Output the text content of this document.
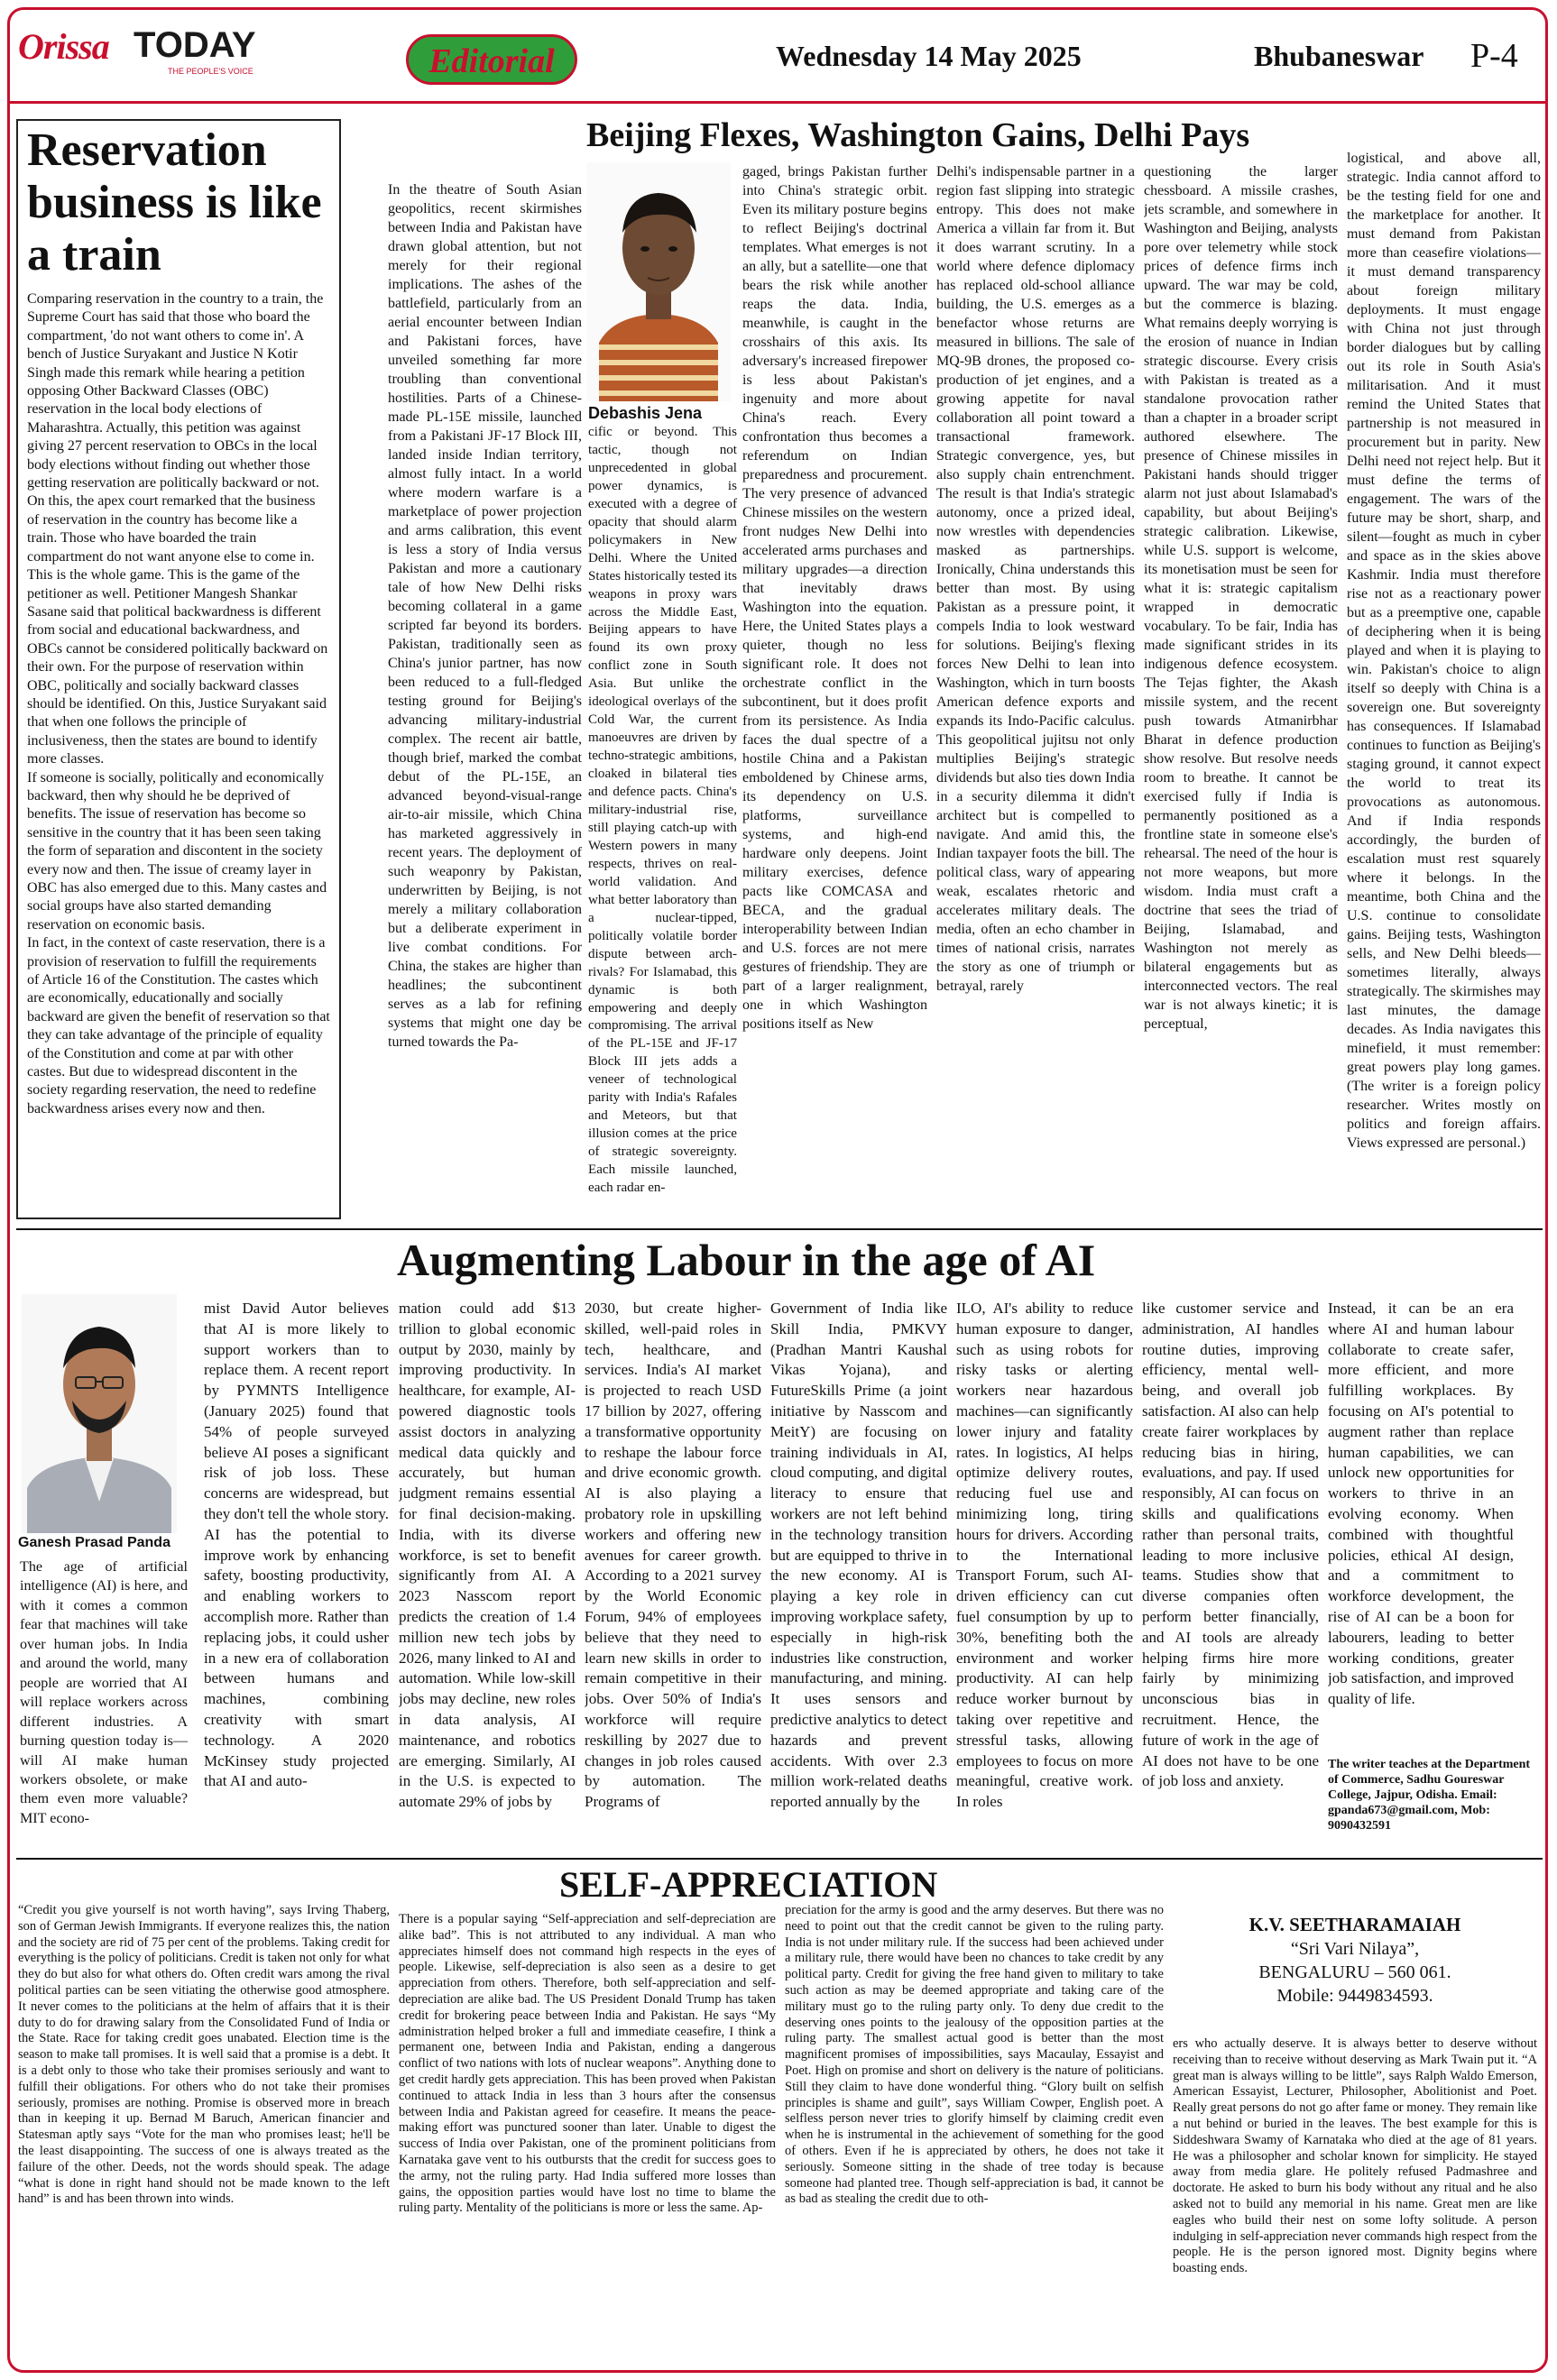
Orissa TODAY
THE PEOPLE'S VOICE	Editorial	Wednesday 14 May 2025	Bhubaneswar P-4
Reservation business is like a train

Comparing reservation in the country to a train, the Supreme Court has said that those who board the compartment, 'do not want others to come in'. A bench of Justice Suryakant and Justice N Kotir Singh made this remark while hearing a petition opposing Other Backward Classes (OBC) reservation in the local body elections of Maharashtra. Actually, this petition was against giving 27 percent reservation to OBCs in the local body elections without finding out whether those getting reservation are politically backward or not.

On this, the apex court remarked that the business of reservation in the country has become like a train. Those who have boarded the train compartment do not want anyone else to come in. This is the whole game. This is the game of the petitioner as well. Petitioner Mangesh Shankar Sasane said that political backwardness is different from social and educational backwardness, and OBCs cannot be considered politically backward on their own. For the purpose of reservation within OBC, politically and socially backward classes should be identified. On this, Justice Suryakant said that when one follows the principle of inclusiveness, then the states are bound to identify more classes.

If someone is socially, politically and economically backward, then why should he be deprived of benefits. The issue of reservation has become so sensitive in the country that it has been seen taking the form of separation and discontent in the society every now and then. The issue of creamy layer in OBC has also emerged due to this. Many castes and social groups have also started demanding reservation on economic basis.

In fact, in the context of caste reservation, there is a provision of reservation to fulfill the requirements of Article 16 of the Constitution. The castes which are economically, educationally and socially backward are given the benefit of reservation so that they can take advantage of the principle of equality of the Constitution and come at par with other castes. But due to widespread discontent in the society regarding reservation, the need to redefine backwardness arises every now and then.

Beijing Flexes, Washington Gains, Delhi Pays
Debashis Jena
In the theatre of South Asian geopolitics, recent skirmishes between India and Pakistan have drawn global attention, but not merely for their regional implications. The ashes of the battlefield, particularly from an aerial encounter between Indian and Pakistani forces, have unveiled something far more troubling than conventional hostilities. Parts of a Chinese-made PL-15E missile, launched from a Pakistani JF-17 Block III, landed inside Indian territory, almost fully intact. In a world where modern warfare is a marketplace of power projection and arms calibration, this event is less a story of India versus Pakistan and more a cautionary tale of how New Delhi risks becoming collateral in a game scripted far beyond its borders. Pakistan, traditionally seen as China's junior partner, has now been reduced to a full-fledged testing ground for Beijing's advancing military-industrial complex. The recent air battle, though brief, marked the combat debut of the PL-15E, an advanced beyond-visual-range air-to-air missile, which China has marketed aggressively in recent years. The deployment of such weaponry by Pakistan, underwritten by Beijing, is not merely a military collaboration but a deliberate experiment in live combat conditions. For China, the stakes are higher than headlines; the subcontinent serves as a lab for refining systems that might one day be turned towards the Pa-
cific or beyond. This tactic, though not unprecedented in global power dynamics, is executed with a degree of opacity that should alarm policymakers in New Delhi. Where the United States historically tested its weapons in proxy wars across the Middle East, Beijing appears to have found its own proxy conflict zone in South Asia. But unlike the ideological overlays of the Cold War, the current manoeuvres are driven by techno-strategic ambitions, cloaked in bilateral ties and defence pacts. China's military-industrial rise, still playing catch-up with Western powers in many respects, thrives on real-world validation. And what better laboratory than a nuclear-tipped, politically volatile border dispute between arch-rivals? For Islamabad, this dynamic is both empowering and deeply compromising. The arrival of the PL-15E and JF-17 Block III jets adds a veneer of technological parity with India's Rafales and Meteors, but that illusion comes at the price of strategic sovereignty. Each missile launched, each radar en-
gaged, brings Pakistan further into China's strategic orbit. Even its military posture begins to reflect Beijing's doctrinal templates. What emerges is not an ally, but a satellite—one that bears the risk while another reaps the data. India, meanwhile, is caught in the crosshairs of this axis. Its adversary's increased firepower is less about Pakistan's ingenuity and more about China's reach. Every confrontation thus becomes a referendum on Indian preparedness and procurement. The very presence of advanced Chinese missiles on the western front nudges New Delhi into accelerated arms purchases and military upgrades—a direction that inevitably draws Washington into the equation. Here, the United States plays a quieter, though no less significant role. It does not orchestrate conflict in the subcontinent, but it does profit from its persistence. As India faces the dual spectre of a hostile China and a Pakistan emboldened by Chinese arms, its dependency on U.S. platforms, surveillance systems, and high-end hardware only deepens. Joint military exercises, defence pacts like COMCASA and BECA, and the gradual interoperability between Indian and U.S. forces are not mere gestures of friendship. They are part of a larger realignment, one in which Washington positions itself as New
Delhi's indispensable partner in a region fast slipping into strategic entropy. This does not make America a villain far from it. But it does warrant scrutiny. In a world where defence diplomacy has replaced old-school alliance building, the U.S. emerges as a benefactor whose returns are measured in billions. The sale of MQ-9B drones, the proposed co-production of jet engines, and a growing appetite for naval collaboration all point toward a transactional framework. Strategic convergence, yes, but also supply chain entrenchment. The result is that India's strategic autonomy, once a prized ideal, now wrestles with dependencies masked as partnerships. Ironically, China understands this better than most. By using Pakistan as a pressure point, it compels India to look westward for solutions. Beijing's flexing forces New Delhi to lean into Washington, which in turn boosts American defence exports and expands its Indo-Pacific calculus. This geopolitical jujitsu not only multiplies Beijing's strategic dividends but also ties down India in a security dilemma it didn't architect but is compelled to navigate. And amid this, the Indian taxpayer foots the bill. The political class, wary of appearing weak, escalates rhetoric and accelerates military deals. The media, often an echo chamber in times of national crisis, narrates the story as one of triumph or betrayal, rarely
questioning the larger chessboard. A missile crashes, jets scramble, and somewhere in Washington and Beijing, analysts pore over telemetry while stock prices of defence firms inch upward. The war may be cold, but the commerce is blazing. What remains deeply worrying is the erosion of nuance in Indian strategic discourse. Every crisis with Pakistan is treated as a standalone provocation rather than a chapter in a broader script authored elsewhere. The presence of Chinese missiles in Pakistani hands should trigger alarm not just about Islamabad's capability, but about Beijing's strategic calibration. Likewise, while U.S. support is welcome, its monetisation must be seen for what it is: strategic capitalism wrapped in democratic vocabulary. To be fair, India has made significant strides in its indigenous defence ecosystem. The Tejas fighter, the Akash missile system, and the recent push towards Atmanirbhar Bharat in defence production show resolve. But resolve needs room to breathe. It cannot be exercised fully if India is permanently positioned as a frontline state in someone else's rehearsal. The need of the hour is not more weapons, but more wisdom. India must craft a doctrine that sees the triad of Beijing, Islamabad, and Washington not merely as bilateral engagements but as interconnected vectors. The real war is not always kinetic; it is perceptual,
logistical, and above all, strategic. India cannot afford to be the testing field for one and the marketplace for another. It must demand from Pakistan more than ceasefire violations—it must demand transparency about foreign military deployments. It must engage with China not just through border dialogues but by calling out its role in South Asia's militarisation. And it must remind the United States that partnership is not measured in procurement but in parity. New Delhi need not reject help. But it must define the terms of engagement. The wars of the future may be short, sharp, and silent—fought as much in cyber and space as in the skies above Kashmir. India must therefore rise not as a reactionary power but as a preemptive one, capable of deciphering when it is being played and when it is playing to win. Pakistan's choice to align itself so deeply with China is a sovereign one. But sovereignty has consequences. If Islamabad continues to function as Beijing's staging ground, it cannot expect the world to treat its provocations as autonomous. And if India responds accordingly, the burden of escalation must rest squarely where it belongs. In the meantime, both China and the U.S. continue to consolidate gains. Beijing tests, Washington sells, and New Delhi bleeds—sometimes literally, always strategically. The skirmishes may last minutes, the damage decades. As India navigates this minefield, it must remember: great powers play long games. (The writer is a foreign policy researcher. Writes mostly on politics and foreign affairs. Views expressed are personal.)
Augmenting Labour in the age of AI
Ganesh Prasad Panda
The age of artificial intelligence (AI) is here, and with it comes a common fear that machines will take over human jobs. In India and around the world, many people are worried that AI will replace workers across different industries. A burning question today is—will AI make human workers obsolete, or make them even more valuable? MIT econo-
mist David Autor believes that AI is more likely to support workers than to replace them. A recent report by PYMNTS Intelligence (January 2025) found that 54% of people surveyed believe AI poses a significant risk of job loss. These concerns are widespread, but they don't tell the whole story. AI has the potential to improve work by enhancing safety, boosting productivity, and enabling workers to accomplish more. Rather than replacing jobs, it could usher in a new era of collaboration between humans and machines, combining creativity with smart technology. A 2020 McKinsey study projected that AI and auto-
mation could add $13 trillion to global economic output by 2030, mainly by improving productivity. In healthcare, for example, AI-powered diagnostic tools assist doctors in analyzing medical data quickly and accurately, but human judgment remains essential for final decision-making. India, with its diverse workforce, is set to benefit significantly from AI. A 2023 Nasscom report predicts the creation of 1.4 million new tech jobs by 2026, many linked to AI and automation. While low-skill jobs may decline, new roles in data analysis, AI maintenance, and robotics are emerging. Similarly, AI in the U.S. is expected to automate 29% of jobs by
2030, but create higher-skilled, well-paid roles in tech, healthcare, and services. India's AI market is projected to reach USD 17 billion by 2027, offering a transformative opportunity to reshape the labour force and drive economic growth. AI is also playing a probatory role in upskilling workers and offering new avenues for career growth. According to a 2021 survey by the World Economic Forum, 94% of employees believe that they need to learn new skills in order to remain competitive in their jobs. Over 50% of India's workforce will require reskilling by 2027 due to changes in job roles caused by automation. The Programs of
Government of India like Skill India, PMKVY (Pradhan Mantri Kaushal Vikas Yojana), and FutureSkills Prime (a joint initiative by Nasscom and MeitY) are focusing on training individuals in AI, cloud computing, and digital literacy to ensure that workers are not left behind in the technology transition but are equipped to thrive in the new economy. AI is playing a key role in improving workplace safety, especially in high-risk industries like construction, manufacturing, and mining. It uses sensors and predictive analytics to detect hazards and prevent accidents. With over 2.3 million work-related deaths reported annually by the
ILO, AI's ability to reduce human exposure to danger, such as using robots for risky tasks or alerting workers near hazardous machines—can significantly lower injury and fatality rates. In logistics, AI helps optimize delivery routes, reducing fuel use and minimizing long, tiring hours for drivers. According to the International Transport Forum, such AI-driven efficiency can cut fuel consumption by up to 30%, benefiting both the environment and worker productivity. AI can help reduce worker burnout by taking over repetitive and stressful tasks, allowing employees to focus on more meaningful, creative work. In roles
like customer service and administration, AI handles routine duties, improving efficiency, mental well-being, and overall job satisfaction. AI also can help create fairer workplaces by reducing bias in hiring, evaluations, and pay. If used responsibly, AI can focus on skills and qualifications rather than personal traits, leading to more inclusive teams. Studies show that diverse companies often perform better financially, and AI tools are already helping firms hire more fairly by minimizing unconscious bias in recruitment. Hence, the future of work in the age of AI does not have to be one of job loss and anxiety.
Instead, it can be an era where AI and human labour collaborate to create safer, more efficient, and more fulfilling workplaces. By focusing on AI's potential to augment rather than replace human capabilities, we can unlock new opportunities for workers to thrive in an evolving economy. When combined with thoughtful policies, ethical AI design, and a commitment to workforce development, the rise of AI can be a boon for labourers, leading to better working conditions, greater job satisfaction, and improved quality of life.
The writer teaches at the Department of Commerce, Sadhu Goureswar College, Jajpur, Odisha. Email: gpanda673@gmail.com, Mob: 9090432591
SELF-APPRECIATION
“Credit you give yourself is not worth having”, says Irving Thaberg, son of German Jewish Immigrants. If everyone realizes this, the nation and the society are rid of 75 per cent of the problems. Taking credit for everything is the policy of politicians. Credit is taken not only for what they do but also for what others do. Often credit wars among the rival political parties can be seen vitiating the otherwise good atmosphere. It never comes to the politicians at the helm of affairs that it is their duty to do for drawing salary from the Consolidated Fund of India or the State. Race for taking credit goes unabated. Election time is the season to make tall promises. It is well said that a promise is a debt. It is a debt only to those who take their promises seriously and want to fulfill their obligations. For others who do not take their promises seriously, promises are nothing. Promise is observed more in breach than in keeping it up. Bernad M Baruch, American financier and Statesman aptly says “Vote for the man who promises least; he'll be the least disappointing. The success of one is always treated as the failure of the other. Deeds, not the words should speak. The adage “what is done in right hand should not be made known to the left hand” is and has been thrown into winds.
There is a popular saying “Self-appreciation and self-depreciation are alike bad”. This is not attributed to any individual. A man who appreciates himself does not command high respects in the eyes of people. Likewise, self-depreciation is also seen as a desire to get appreciation from others. Therefore, both self-appreciation and self-depreciation are alike bad. The US President Donald Trump has taken credit for brokering peace between India and Pakistan. He says “My administration helped broker a full and immediate ceasefire, I think a permanent one, between India and Pakistan, ending a dangerous conflict of two nations with lots of nuclear weapons”. Anything done to get credit hardly gets appreciation. This has been proved when Pakistan continued to attack India in less than 3 hours after the consensus between India and Pakistan agreed for ceasefire. It means the peace-making effort was punctured sooner than later. Unable to digest the success of India over Pakistan, one of the prominent politicians from Karnataka gave vent to his outbursts that the credit for success goes to the army, not the ruling party. Had India suffered more losses than gains, the opposition parties would have lost no time to blame the ruling party. Mentality of the politicians is more or less the same. Ap-
preciation for the army is good and the army deserves. But there was no need to point out that the credit cannot be given to the ruling party. India is not under military rule. If the success had been achieved under a military rule, there would have been no chances to take credit by any political party. Credit for giving the free hand given to military to take such action as may be deemed appropriate and taking care of the military must go to the ruling party only. To deny due credit to the deserving ones points to the jealousy of the opposition parties at the ruling party. The smallest actual good is better than the most magnificent promises of impossibilities, says Macaulay, Essayist and Poet. High on promise and short on delivery is the nature of politicians. Still they claim to have done wonderful thing. “Glory built on selfish principles is shame and guilt”, says William Cowper, English poet. A selfless person never tries to glorify himself by claiming credit even when he is instrumental in the achievement of something for the good of others. Even if he is appreciated by others, he does not take it seriously. Someone sitting in the shade of tree today is because someone had planted tree. Though self-appreciation is bad, it cannot be as bad as stealing the credit due to oth-
K.V. SEETHARAMAIAH
“Sri Vari Nilaya”,
BENGALURU – 560 061.
Mobile: 9449834593.
ers who actually deserve. It is always better to deserve without receiving than to receive without deserving as Mark Twain put it. “A great man is always willing to be little”, says Ralph Waldo Emerson, American Essayist, Lecturer, Philosopher, Abolitionist and Poet. Really great persons do not go after fame or money. They remain like a nut behind or buried in the leaves. The best example for this is Siddeshwara Swamy of Karnataka who died at the age of 81 years. He was a philosopher and scholar known for simplicity. He stayed away from media glare. He politely refused Padmashree and doctorate. He asked to burn his body without any ritual and he also asked not to build any memorial in his name. Great men are like eagles who build their nest on some lofty solitude. A person indulging in self-appreciation never commands high respect from the people. He is the person ignored most. Dignity begins where boasting ends.
